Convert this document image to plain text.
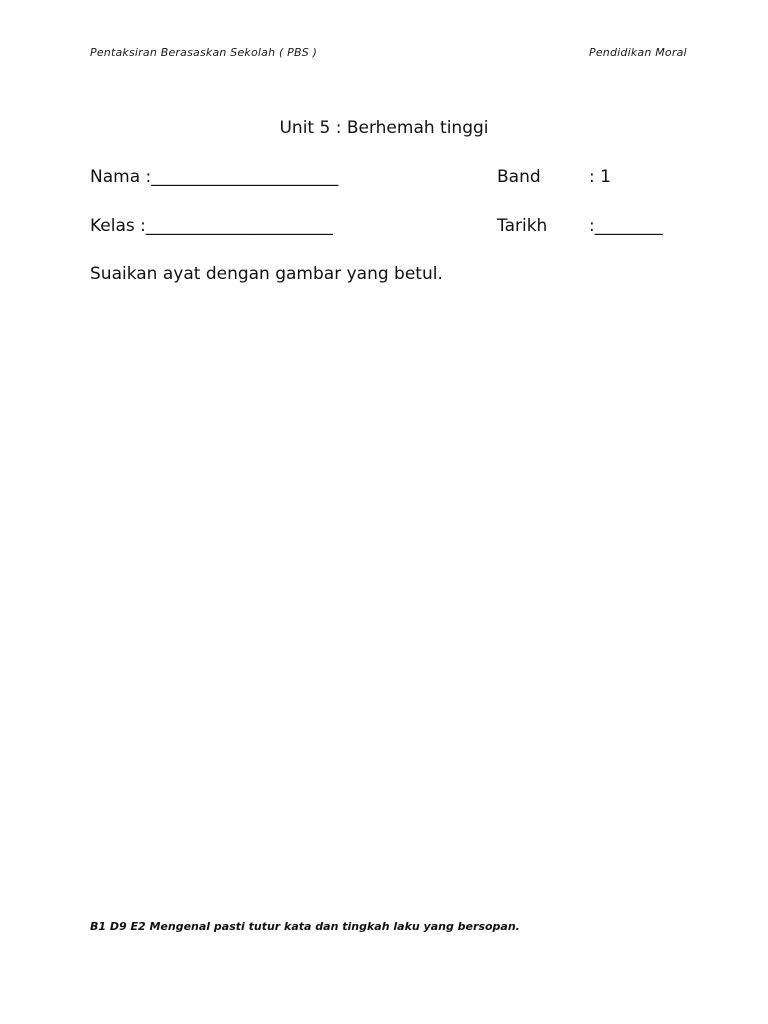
Pentaksiran Berasaskan Sekolah ( PBS )	Pendidikan Moral
Unit 5 : Berhemah tinggi
Nama :______________________	Band	: 1
Kelas :______________________	Tarikh :________
Suaikan ayat dengan gambar yang betul.
B1 D9 E2 Mengenal pasti tutur kata dan tingkah laku yang bersopan.
